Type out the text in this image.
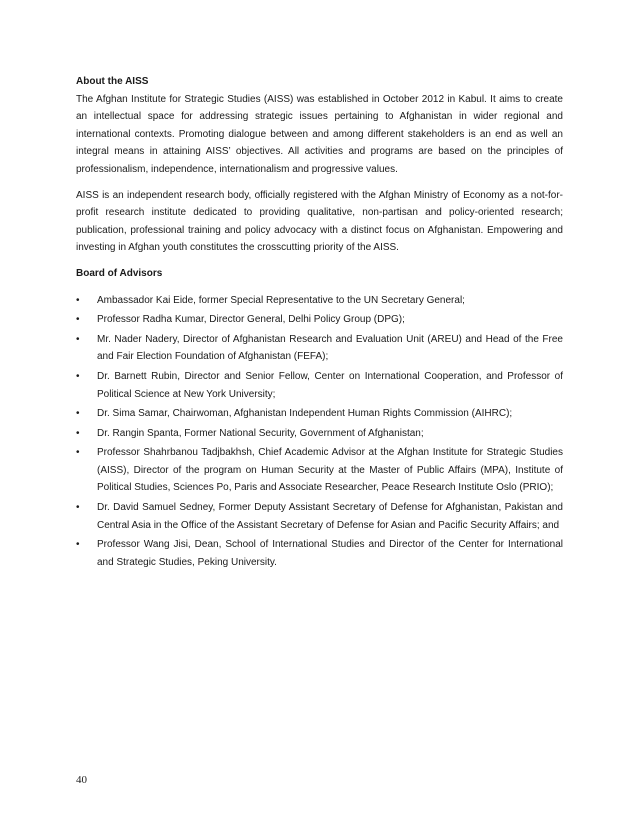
About the AISS

The Afghan Institute for Strategic Studies (AISS) was established in October 2012 in Kabul. It aims to create an intellectual space for addressing strategic issues pertaining to Afghanistan in wider regional and international contexts. Promoting dialogue between and among different stakeholders is an end as well an integral means in attaining AISS’ objectives. All activities and programs are based on the principles of professionalism, independence, internationalism and progressive values.

AISS is an independent research body, officially registered with the Afghan Ministry of Economy as a not-for-profit research institute dedicated to providing qualitative, non-partisan and policy-oriented research; publication, professional training and policy advocacy with a distinct focus on Afghanistan. Empowering and investing in Afghan youth constitutes the crosscutting priority of the AISS.

Board of Advisors

• Ambassador Kai Eide, former Special Representative to the UN Secretary General;
• Professor Radha Kumar, Director General, Delhi Policy Group (DPG);
• Mr. Nader Nadery, Director of Afghanistan Research and Evaluation Unit (AREU) and Head of the Free and Fair Election Foundation of Afghanistan (FEFA);
• Dr. Barnett Rubin, Director and Senior Fellow, Center on International Cooperation, and Professor of Political Science at New York University;
• Dr. Sima Samar, Chairwoman, Afghanistan Independent Human Rights Commission (AIHRC);
• Dr. Rangin Spanta, Former National Security, Government of Afghanistan;
• Professor Shahrbanou Tadjbakhsh, Chief Academic Advisor at the Afghan Institute for Strategic Studies (AISS), Director of the program on Human Security at the Master of Public Affairs (MPA), Institute of Political Studies, Sciences Po, Paris and Associate Researcher, Peace Research Institute Oslo (PRIO);
• Dr. David Samuel Sedney, Former Deputy Assistant Secretary of Defense for Afghanistan, Pakistan and Central Asia in the Office of the Assistant Secretary of Defense for Asian and Pacific Security Affairs; and
• Professor Wang Jisi, Dean, School of International Studies and Director of the Center for International and Strategic Studies, Peking University.
40
